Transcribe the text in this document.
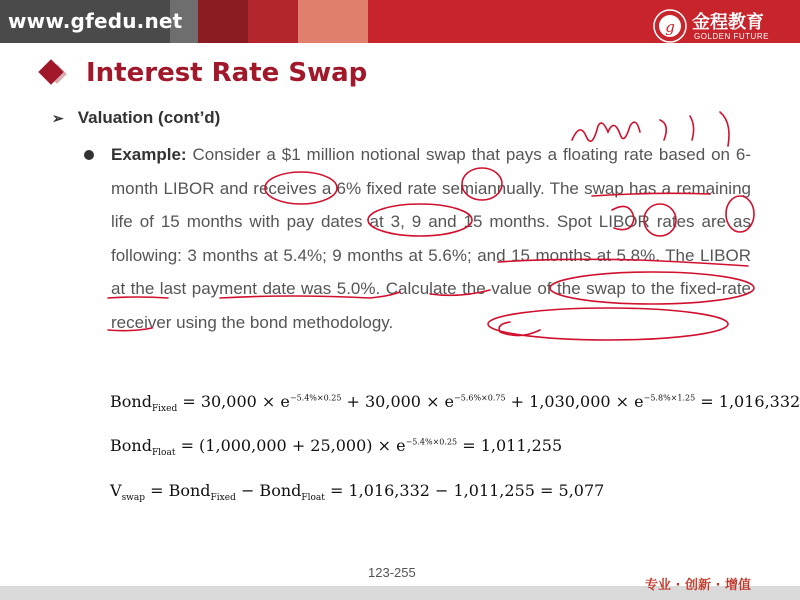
www.gfedu.net	g 金程教育
GOLDEN FUTURE
Interest Rate Swap
➢ Valuation (cont’d)
Example: Consider a $1 million notional swap that pays a floating rate based on 6-month LIBOR and receives a 6% fixed rate semiannually. The swap has a remaining life of 15 months with pay dates at 3, 9 and 15 months. Spot LIBOR rates are as following: 3 months at 5.4%; 9 months at 5.6%; and 15 months at 5.8%. The LIBOR at the last payment date was 5.0%. Calculate the value of the swap to the fixed-rate receiver using the bond methodology.
Bond$_{Fixed}$ = $30,000 \times e^{-5.4\%\times 0.25} + 30,000 \times e^{-5.6\%\times 0.75} + 1,030,000 \times e^{-5.8\%\times 1.25} = 1,016,332$
Bond$_{Float}$ = $(1,000,000 + 25,000) \times e^{-5.4\%\times 0.25} = 1,011,255$
$V_{swap}$ = Bond$_{Fixed}$ − Bond$_{Float}$ = 1,016,332 − 1,011,255 = 5,077
123-255
专业 · 创新 · 增值
